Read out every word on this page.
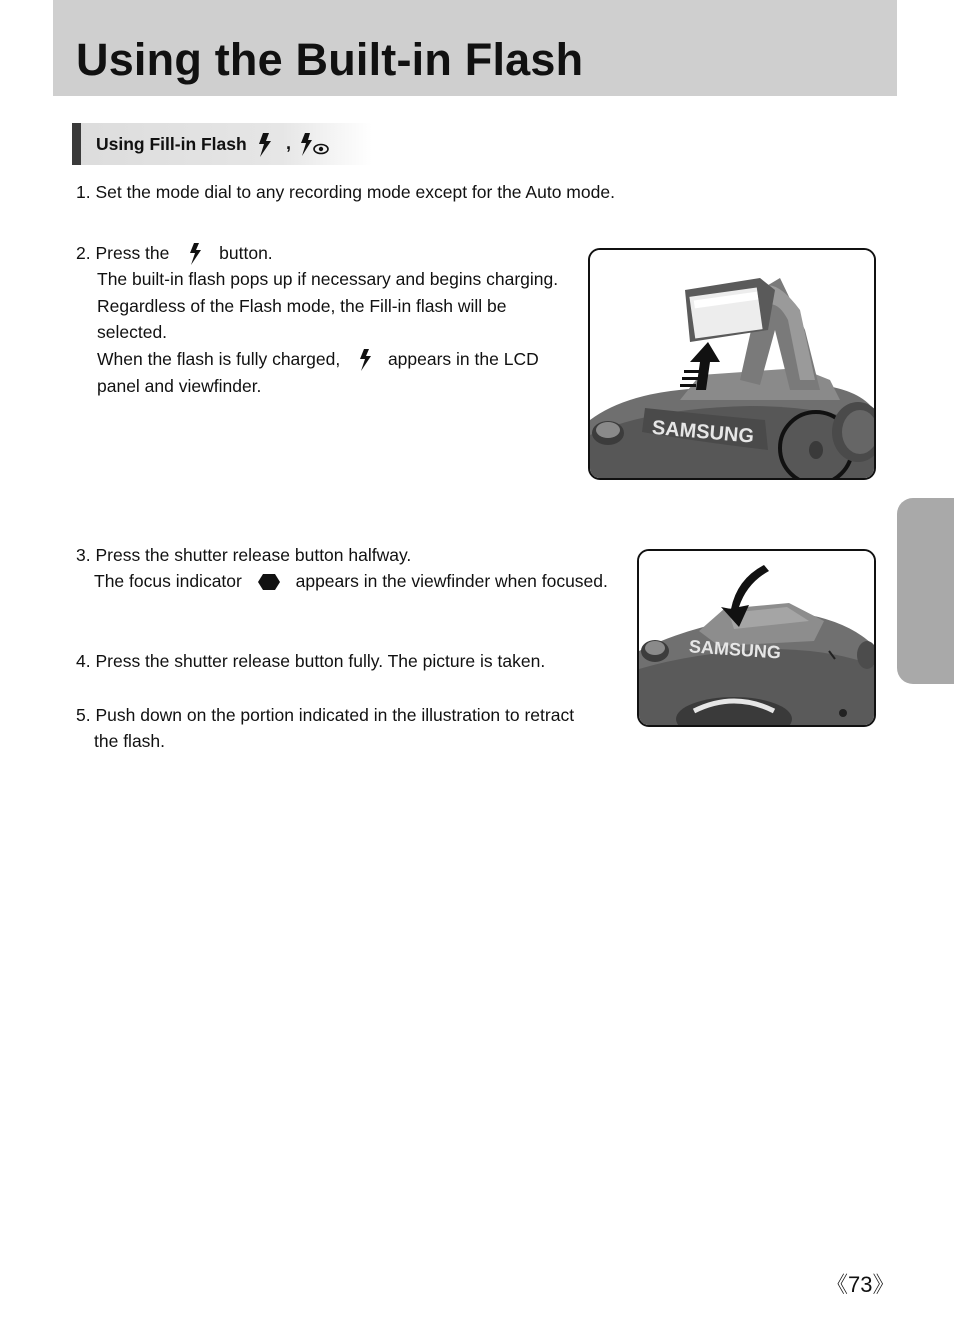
Using the Built-in Flash
Using Fill-in Flash ,

1. Set the mode dial to any recording mode except for the Auto mode.

2. Press the	button.

The built-in flash pops up if necessary and begins charging.

Regardless of the Flash mode, the Fill-in flash will be

selected.

When the flash is fully charged,	appears in the LCD

panel and viewfinder.

SAMSUNG

3. Press the shutter release button halfway.

The focus indicator	appears in the viewfinder when focused.
SAMSUNG

4. Press the shutter release button fully. The picture is taken.

5. Push down on the portion indicated in the illustration to retract

the flash.

《73》
